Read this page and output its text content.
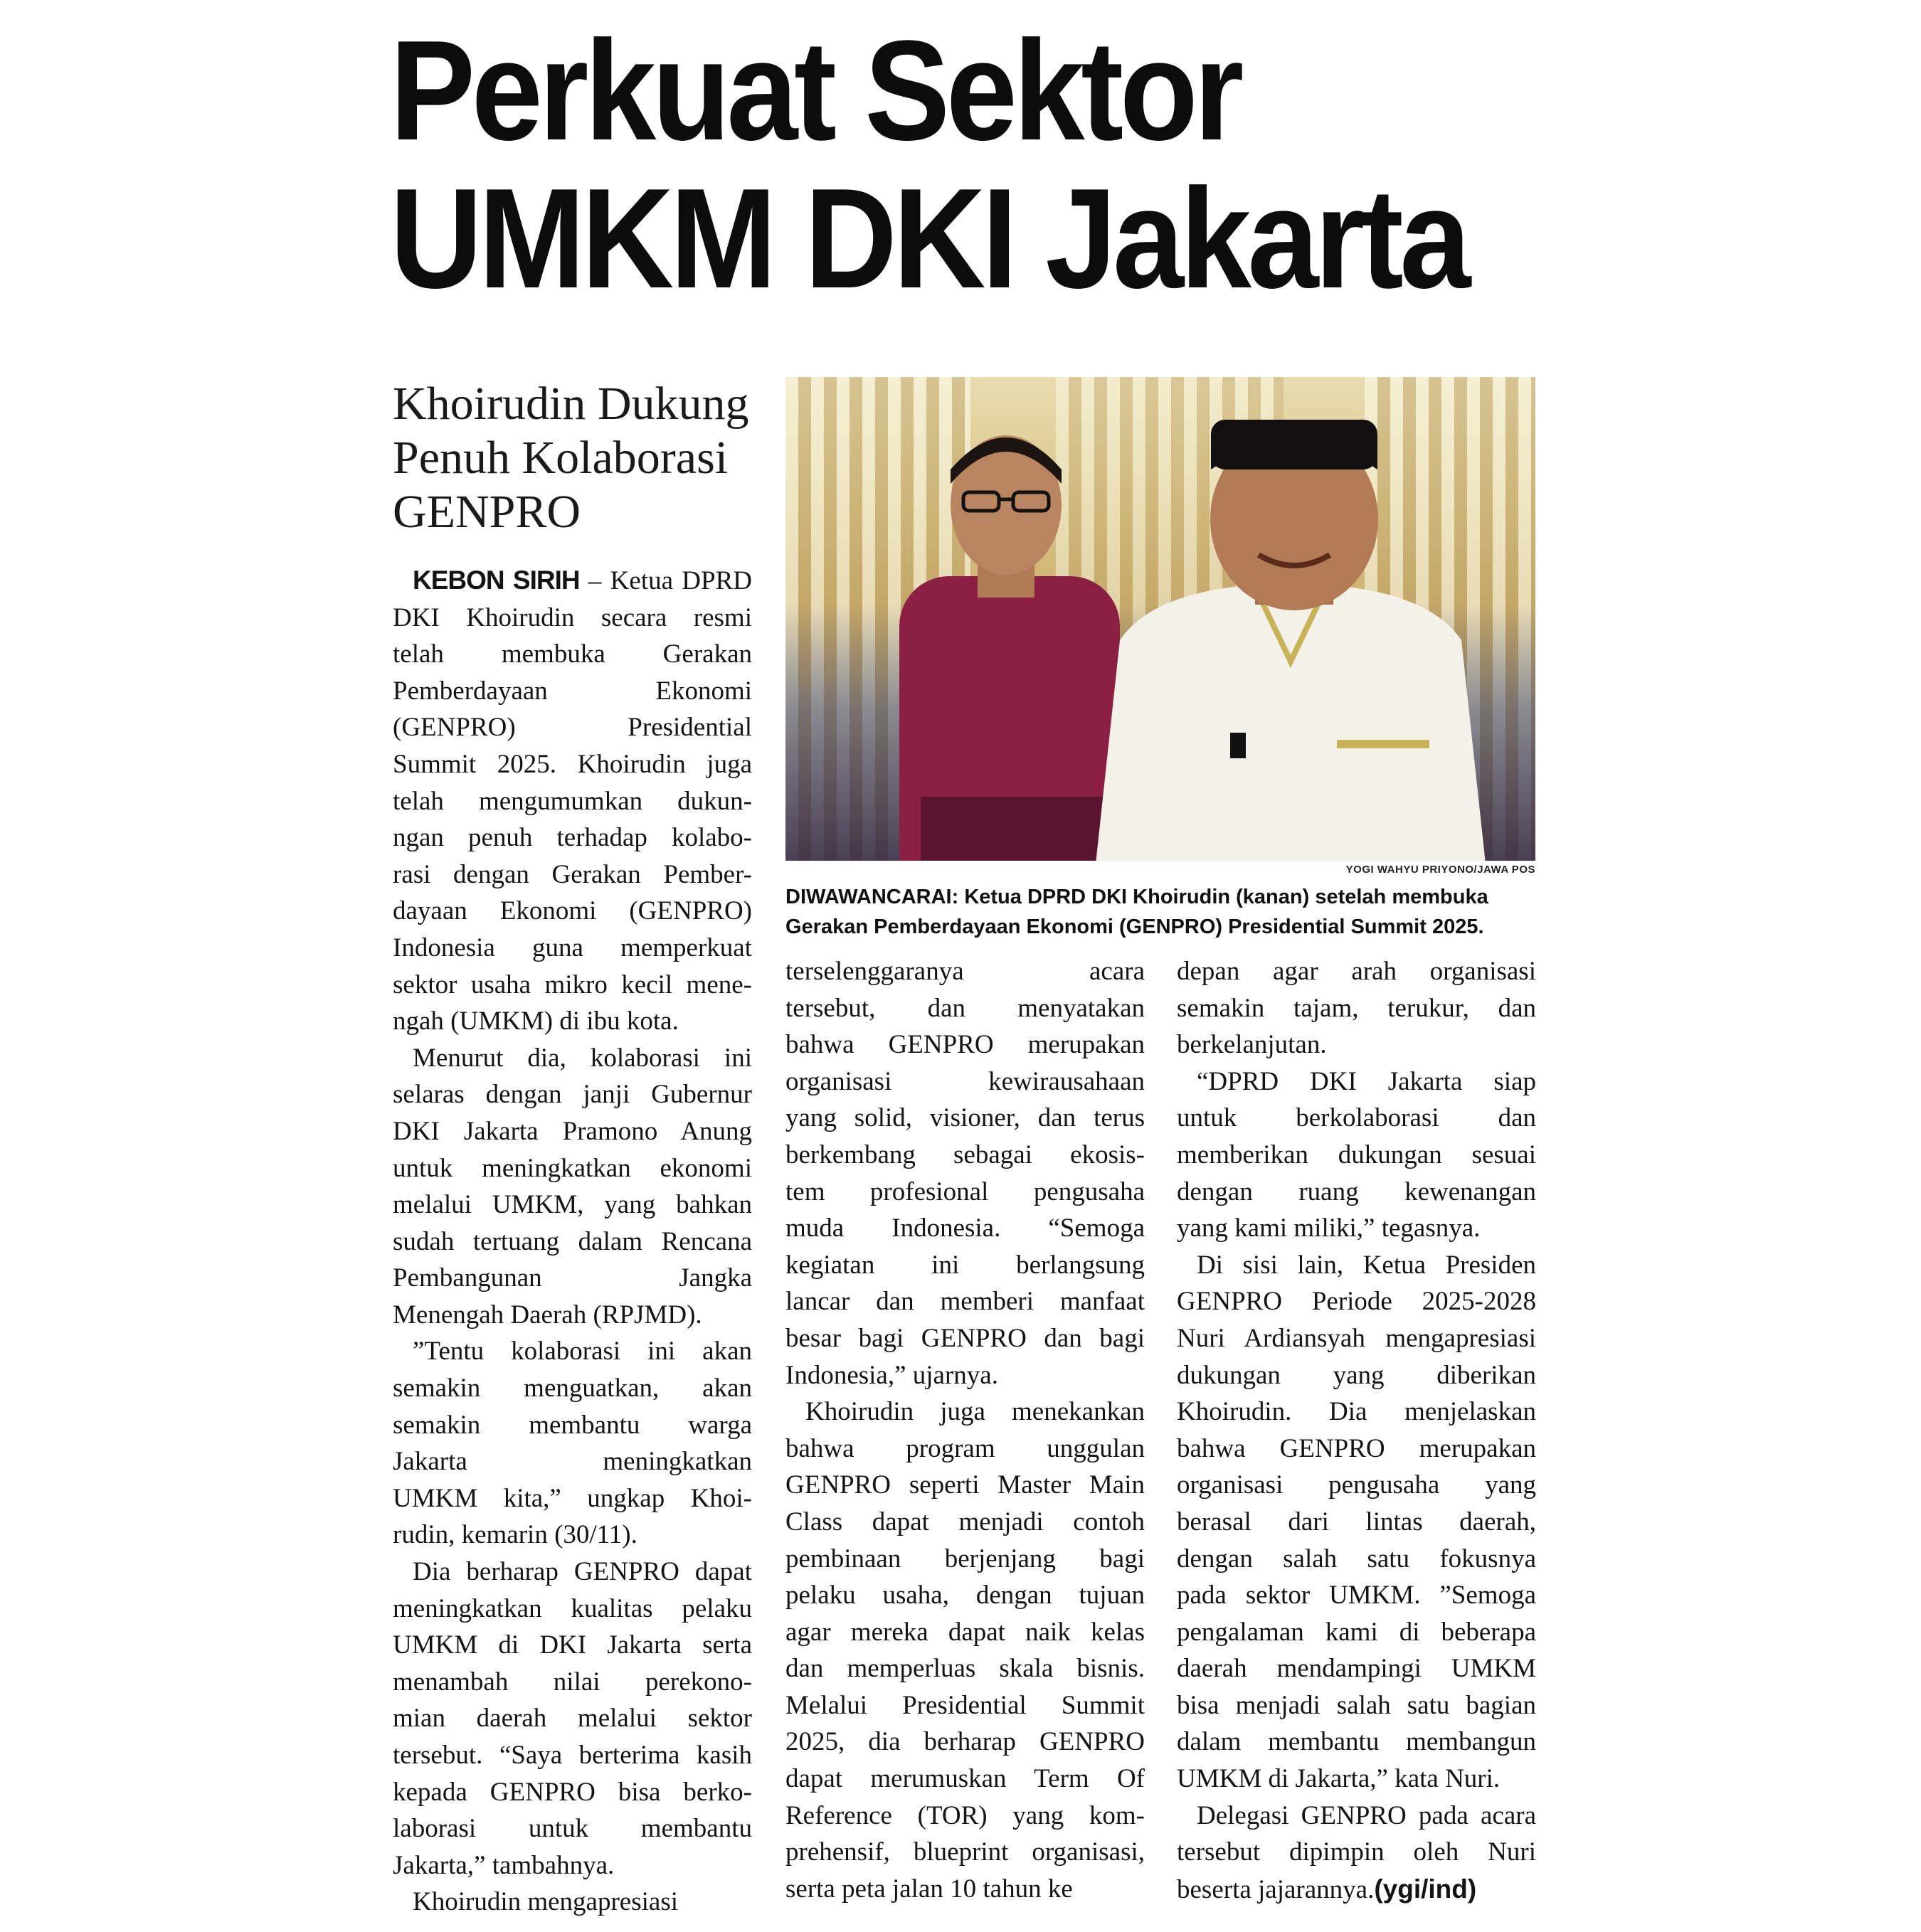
Perkuat Sektor
UMKM DKI Jakarta
Khoirudin Dukung
Penuh Kolaborasi
GENPRO
YOGI WAHYU PRIYONO/JAWA POS
DIWAWANCARAI: Ketua DPRD DKI Khoirudin (kanan) setelah membuka
Gerakan Pemberdayaan Ekonomi (GENPRO) Presidential Summit 2025.
KEBON SIRIH – Ketua DPRD
DKI Khoirudin secara resmi
telah membuka Gerakan
Pemberdayaan Ekonomi
(GENPRO) Presidential
Summit 2025. Khoirudin juga
telah mengumumkan dukun-
ngan penuh terhadap kolabo-
rasi dengan Gerakan Pember-
dayaan Ekonomi (GENPRO)
Indonesia guna memperkuat
sektor usaha mikro kecil mene-
ngah (UMKM) di ibu kota.
Menurut dia, kolaborasi ini
selaras dengan janji Gubernur
DKI Jakarta Pramono Anung
untuk meningkatkan ekonomi
melalui UMKM, yang bahkan
sudah tertuang dalam Rencana
Pembangunan Jangka
Menengah Daerah (RPJMD).
”Tentu kolaborasi ini akan
semakin menguatkan, akan
semakin membantu warga
Jakarta meningkatkan
UMKM kita,” ungkap Khoi-
rudin, kemarin (30/11).
Dia berharap GENPRO dapat
meningkatkan kualitas pelaku
UMKM di DKI Jakarta serta
menambah nilai perekono-
mian daerah melalui sektor
tersebut. “Saya berterima kasih
kepada GENPRO bisa berko-
laborasi untuk membantu
Jakarta,” tambahnya.
Khoirudin mengapresiasi
terselenggaranya acara
tersebut, dan menyatakan
bahwa GENPRO merupakan
organisasi kewirausahaan
yang solid, visioner, dan terus
berkembang sebagai ekosis-
tem profesional pengusaha
muda Indonesia. “Semoga
kegiatan ini berlangsung
lancar dan memberi manfaat
besar bagi GENPRO dan bagi
Indonesia,” ujarnya.
Khoirudin juga menekankan
bahwa program unggulan
GENPRO seperti Master Main
Class dapat menjadi contoh
pembinaan berjenjang bagi
pelaku usaha, dengan tujuan
agar mereka dapat naik kelas
dan memperluas skala bisnis.
Melalui Presidential Summit
2025, dia berharap GENPRO
dapat merumuskan Term Of
Reference (TOR) yang kom-
prehensif, blueprint organisasi,
serta peta jalan 10 tahun ke
depan agar arah organisasi
semakin tajam, terukur, dan
berkelanjutan.
“DPRD DKI Jakarta siap
untuk berkolaborasi dan
memberikan dukungan sesuai
dengan ruang kewenangan
yang kami miliki,” tegasnya.
Di sisi lain, Ketua Presiden
GENPRO Periode 2025-2028
Nuri Ardiansyah mengapresiasi
dukungan yang diberikan
Khoirudin. Dia menjelaskan
bahwa GENPRO merupakan
organisasi pengusaha yang
berasal dari lintas daerah,
dengan salah satu fokusnya
pada sektor UMKM. ”Semoga
pengalaman kami di beberapa
daerah mendampingi UMKM
bisa menjadi salah satu bagian
dalam membantu membangun
UMKM di Jakarta,” kata Nuri.
Delegasi GENPRO pada acara
tersebut dipimpin oleh Nuri
beserta jajarannya.(ygi/ind)
